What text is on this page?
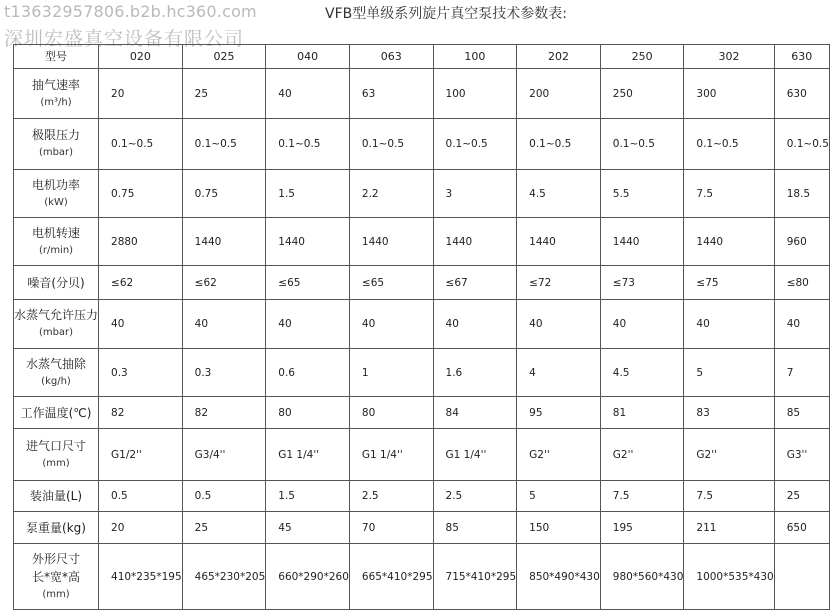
t13632957806.b2b.hc360.com
深圳宏盛真空设备有限公司
VFB型单级系列旋片真空泵技术参数表:
型号	020	025	040	063	100	202	250	302	630
抽气速率
(m³/h)	20	25	40	63	100	200	250	300	630
极限压力
(mbar)	0.1~0.5	0.1~0.5	0.1~0.5	0.1~0.5	0.1~0.5	0.1~0.5	0.1~0.5	0.1~0.5	0.1~0.5
电机功率
(kW)	0.75	0.75	1.5	2.2	3	4.5	5.5	7.5	18.5
电机转速
(r/min)	2880	1440	1440	1440	1440	1440	1440	1440	960
噪音(分贝)	≤62	≤62	≤65	≤65	≤67	≤72	≤73	≤75	≤80
水蒸气允许压力
(mbar)	40	40	40	40	40	40	40	40	40
水蒸气抽除
(kg/h)	0.3	0.3	0.6	1	1.6	4	4.5	5	7
工作温度(℃)	82	82	80	80	84	95	81	83	85
进气口尺寸
(mm)	G1/2''	G3/4''	G1 1/4''	G1 1/4''	G1 1/4''	G2''	G2''	G2''	G3''
装油量(L)	0.5	0.5	1.5	2.5	2.5	5	7.5	7.5	25
泵重量(kg)	20	25	45	70	85	150	195	211	650
外形尺寸
长*宽*高
(mm)	410*235*195	465*230*205	660*290*260	665*410*295	715*410*295	850*490*430	980*560*430	1000*535*430	
